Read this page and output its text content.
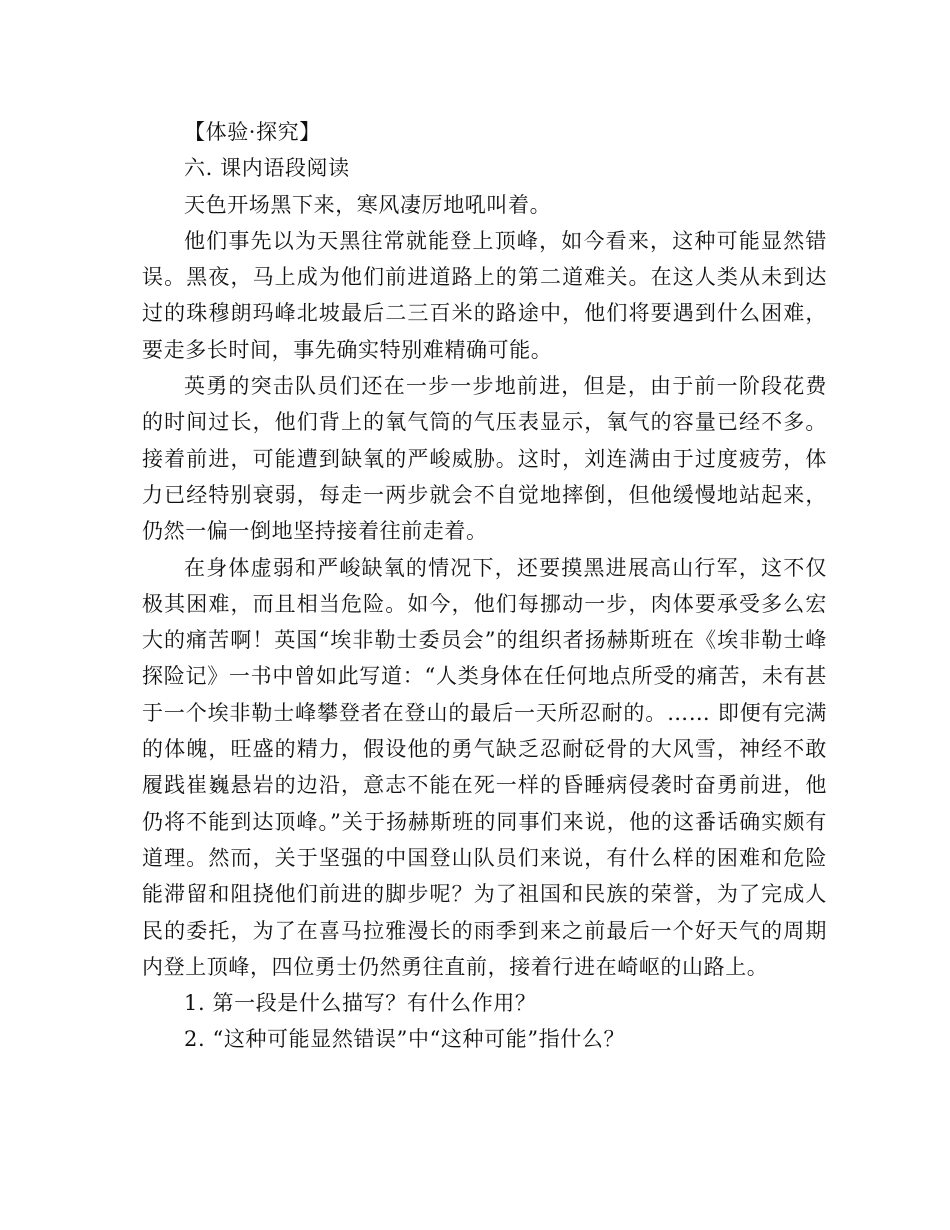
【体验·探究】

六. 课内语段阅读

天色开场黑下来，寒风凄厉地吼叫着。

他们事先以为天黑往常就能登上顶峰，如今看来，这种可能显然错误。黑夜，马上成为他们前进道路上的第二道难关。在这人类从未到达过的珠穆朗玛峰北坡最后二三百米的路途中，他们将要遇到什么困难，要走多长时间，事先确实特别难精确可能。

英勇的突击队员们还在一步一步地前进，但是，由于前一阶段花费的时间过长，他们背上的氧气筒的气压表显示，氧气的容量已经不多。接着前进，可能遭到缺氧的严峻威胁。这时，刘连满由于过度疲劳，体力已经特别衰弱，每走一两步就会不自觉地摔倒，但他缓慢地站起来，仍然一偏一倒地坚持接着往前走着。

在身体虚弱和严峻缺氧的情况下，还要摸黑进展高山行军，这不仅极其困难，而且相当危险。如今，他们每挪动一步，肉体要承受多么宏大的痛苦啊！英国“埃非勒士委员会”的组织者扬赫斯班在《埃非勒士峰探险记》一书中曾如此写道：“人类身体在任何地点所受的痛苦，未有甚于一个埃非勒士峰攀登者在登山的最后一天所忍耐的。…… 即便有完满的体魄，旺盛的精力，假设他的勇气缺乏忍耐砭骨的大风雪，神经不敢履践崔巍悬岩的边沿，意志不能在死一样的昏睡病侵袭时奋勇前进，他仍将不能到达顶峰。”关于扬赫斯班的同事们来说，他的这番话确实颇有道理。然而，关于坚强的中国登山队员们来说，有什么样的困难和危险能滞留和阻挠他们前进的脚步呢？为了祖国和民族的荣誉，为了完成人民的委托，为了在喜马拉雅漫长的雨季到来之前最后一个好天气的周期内登上顶峰，四位勇士仍然勇往直前，接着行进在崎岖的山路上。

1. 第一段是什么描写？有什么作用？

2. “这种可能显然错误”中“这种可能”指什么？
